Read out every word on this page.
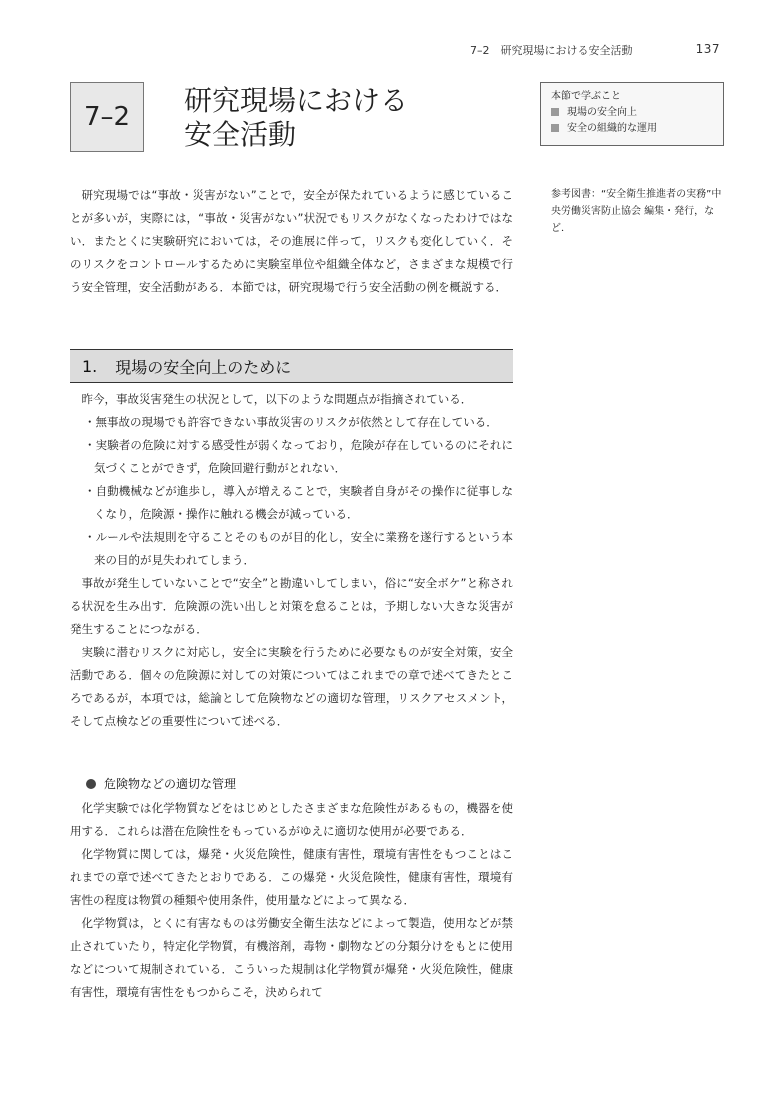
7–2　研究現場における安全活動	137
7–2 研究現場における
安全活動
本節で学ぶこと
現場の安全向上
安全の組織的な運用

研究現場では“事故・災害がない”ことで，安全が保たれているように感じていることが多いが，実際には，“事故・災害がない”状況でもリスクがなくなったわけではない．またとくに実験研究においては，その進展に伴って，リスクも変化していく．そのリスクをコントロールするために実験室単位や組織全体など，さまざまな規模で行う安全管理，安全活動がある．本節では，研究現場で行う安全活動の例を概説する．

参考図書：“安全衛生推進者の実務”中央労働災害防止協会 編集・発行，など．
1. 現場の安全向上のために

昨今，事故災害発生の状況として，以下のような問題点が指摘されている．

・無事故の現場でも許容できない事故災害のリスクが依然として存在している．
・実験者の危険に対する感受性が弱くなっており，危険が存在しているのにそれに気づくことができず，危険回避行動がとれない．
・自動機械などが進歩し，導入が増えることで，実験者自身がその操作に従事しなくなり，危険源・操作に触れる機会が減っている．
・ルールや法規則を守ることそのものが目的化し，安全に業務を遂行するという本来の目的が見失われてしまう．

事故が発生していないことで“安全”と勘違いしてしまい，俗に“安全ボケ”と称される状況を生み出す．危険源の洗い出しと対策を怠ることは，予期しない大きな災害が発生することにつながる．

実験に潜むリスクに対応し，安全に実験を行うために必要なものが安全対策，安全活動である．個々の危険源に対しての対策についてはこれまでの章で述べてきたところであるが，本項では，総論として危険物などの適切な管理，リスクアセスメント，そして点検などの重要性について述べる．

危険物などの適切な管理

化学実験では化学物質などをはじめとしたさまざまな危険性があるもの，機器を使用する．これらは潜在危険性をもっているがゆえに適切な使用が必要である．

化学物質に関しては，爆発・火災危険性，健康有害性，環境有害性をもつことはこれまでの章で述べてきたとおりである．この爆発・火災危険性，健康有害性，環境有害性の程度は物質の種類や使用条件，使用量などによって異なる．

化学物質は，とくに有害なものは労働安全衛生法などによって製造，使用などが禁止されていたり，特定化学物質，有機溶剤，毒物・劇物などの分類分けをもとに使用などについて規制されている．こういった規制は化学物質が爆発・火災危険性，健康有害性，環境有害性をもつからこそ，決められて
